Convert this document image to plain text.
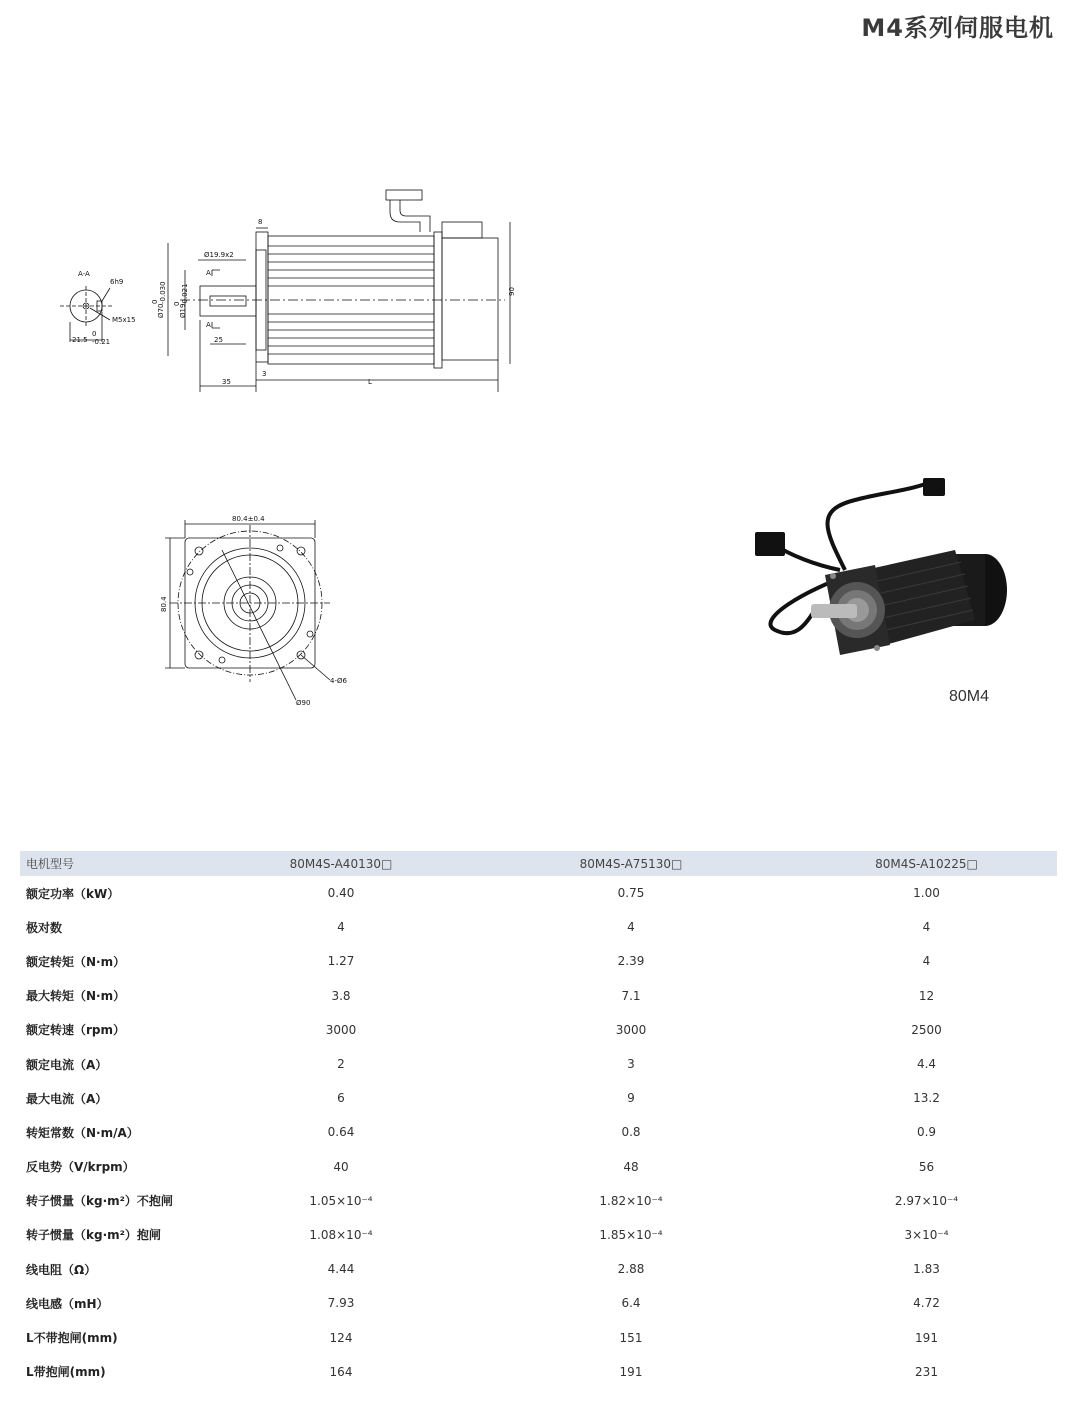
M4系列伺服电机
A-A
6h9
M5x15
21.5
0
-0.21
8
Ø19.9x2
A
A
25
35
3
L
Ø70
0 -0.030
Ø19
0 -0.021	90
80.4±0.4
80.4
4-Ø6
Ø90	80M4
电机型号	80M4S-A40130□	80M4S-A75130□	80M4S-A10225□
额定功率（kW）	0.40	0.75	1.00
极对数	4	4	4
额定转矩（N·m）	1.27	2.39	4
最大转矩（N·m）	3.8	7.1	12
额定转速（rpm）	3000	3000	2500
额定电流（A）	2	3	4.4
最大电流（A）	6	9	13.2
转矩常数（N·m/A）	0.64	0.8	0.9
反电势（V/krpm）	40	48	56
转子惯量（kg·m²）不抱闸	1.05×10⁻⁴	1.82×10⁻⁴	2.97×10⁻⁴
转子惯量（kg·m²）抱闸	1.08×10⁻⁴	1.85×10⁻⁴	3×10⁻⁴
线电阻（Ω）	4.44	2.88	1.83
线电感（mH）	7.93	6.4	4.72
L不带抱闸(mm)	124	151	191
L带抱闸(mm)	164	191	231
